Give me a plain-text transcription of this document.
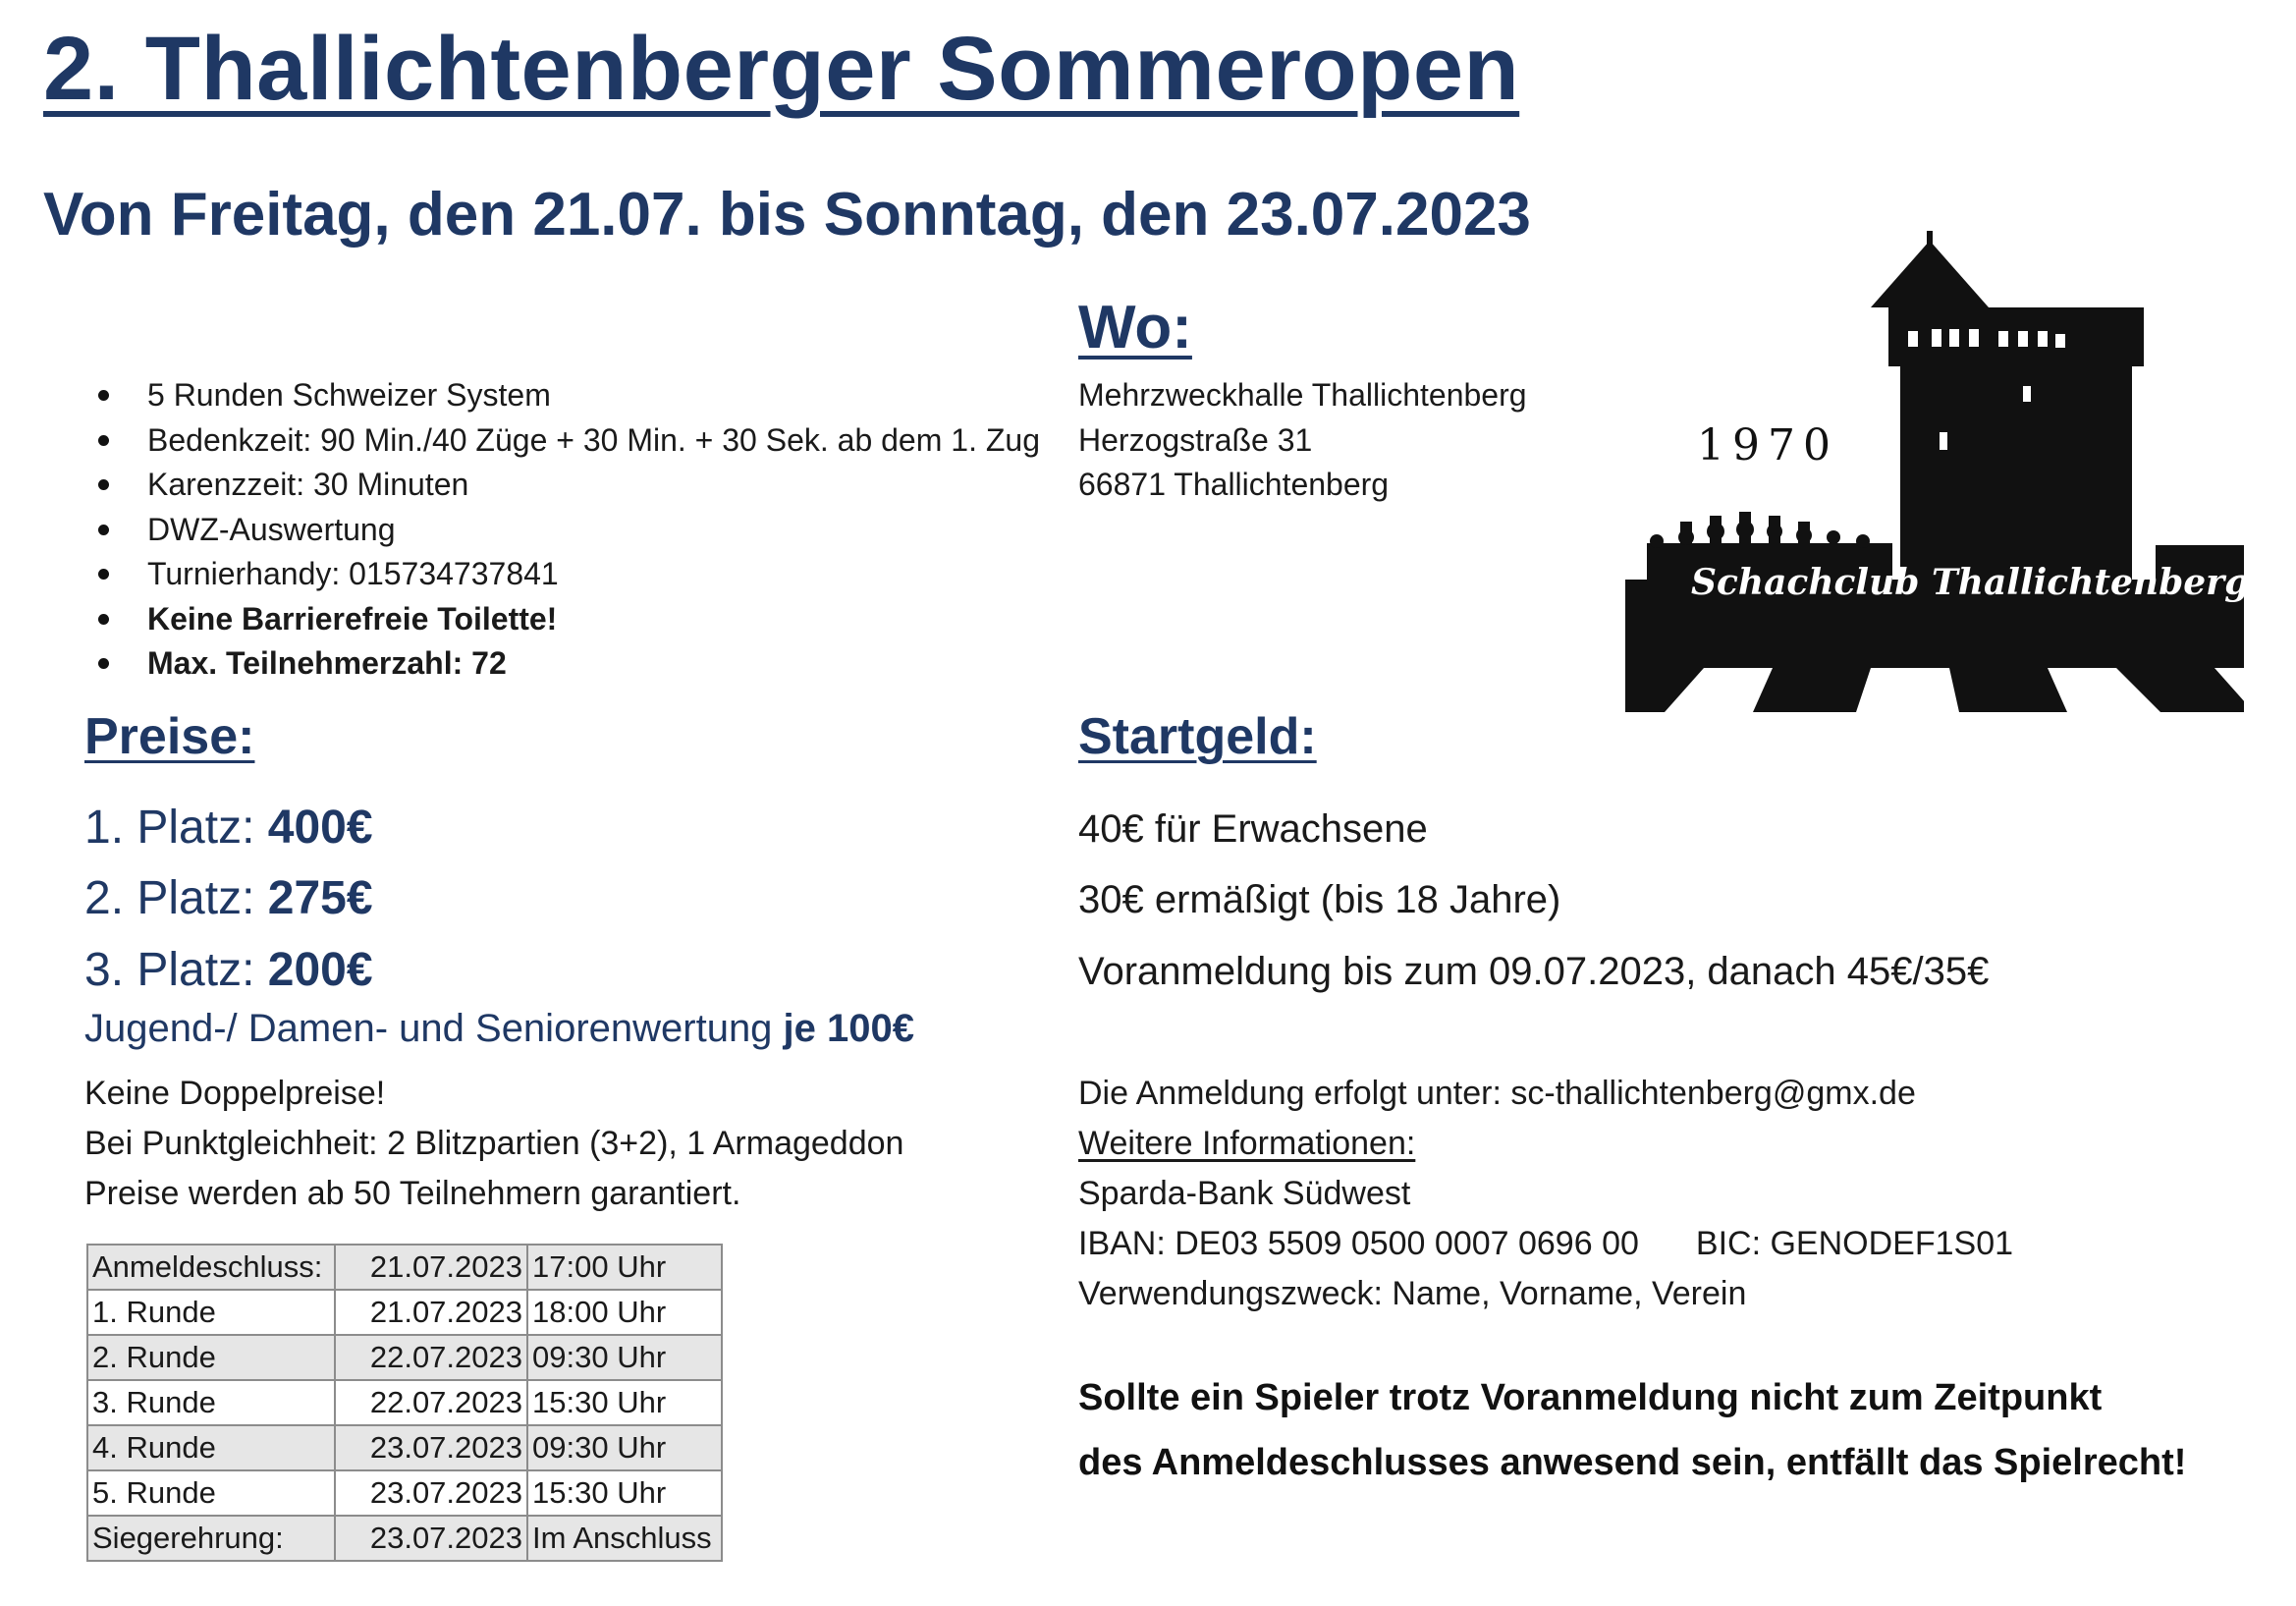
2. Thallichtenberger Sommeropen
Von Freitag, den 21.07. bis Sonntag, den 23.07.2023
5 Runden Schweizer System
Bedenkzeit: 90 Min./40 Züge + 30 Min. + 30 Sek. ab dem 1. Zug
Karenzzeit: 30 Minuten
DWZ-Auswertung
Turnierhandy: 015734737841
Keine Barrierefreie Toilette!
Max. Teilnehmerzahl: 72
Wo:
Mehrzweckhalle Thallichtenberg
Herzogstraße 31
66871 Thallichtenberg
1970
Schachclub Thallichtenberg
Preise:
1. Platz: 400€
2. Platz: 275€
3. Platz: 200€
Jugend-/ Damen- und Seniorenwertung je 100€
Keine Doppelpreise!
Bei Punktgleichheit: 2 Blitzpartien (3+2), 1 Armageddon
Preise werden ab 50 Teilnehmern garantiert.
Startgeld:
40€ für Erwachsene
30€ ermäßigt (bis 18 Jahre)
Voranmeldung bis zum 09.07.2023, danach 45€/35€
Die Anmeldung erfolgt unter: sc-thallichtenberg@gmx.de
Weitere Informationen:
Sparda-Bank Südwest
IBAN: DE03 5509 0500 0007 0696 00 BIC: GENODEF1S01
Verwendungszweck: Name, Vorname, Verein
Sollte ein Spieler trotz Voranmeldung nicht zum Zeitpunkt
des Anmeldeschlusses anwesend sein, entfällt das Spielrecht!
Anmeldeschluss:	21.07.2023	17:00 Uhr
1. Runde	21.07.2023	18:00 Uhr
2. Runde	22.07.2023	09:30 Uhr
3. Runde	22.07.2023	15:30 Uhr
4. Runde	23.07.2023	09:30 Uhr
5. Runde	23.07.2023	15:30 Uhr
Siegerehrung:	23.07.2023	Im Anschluss
